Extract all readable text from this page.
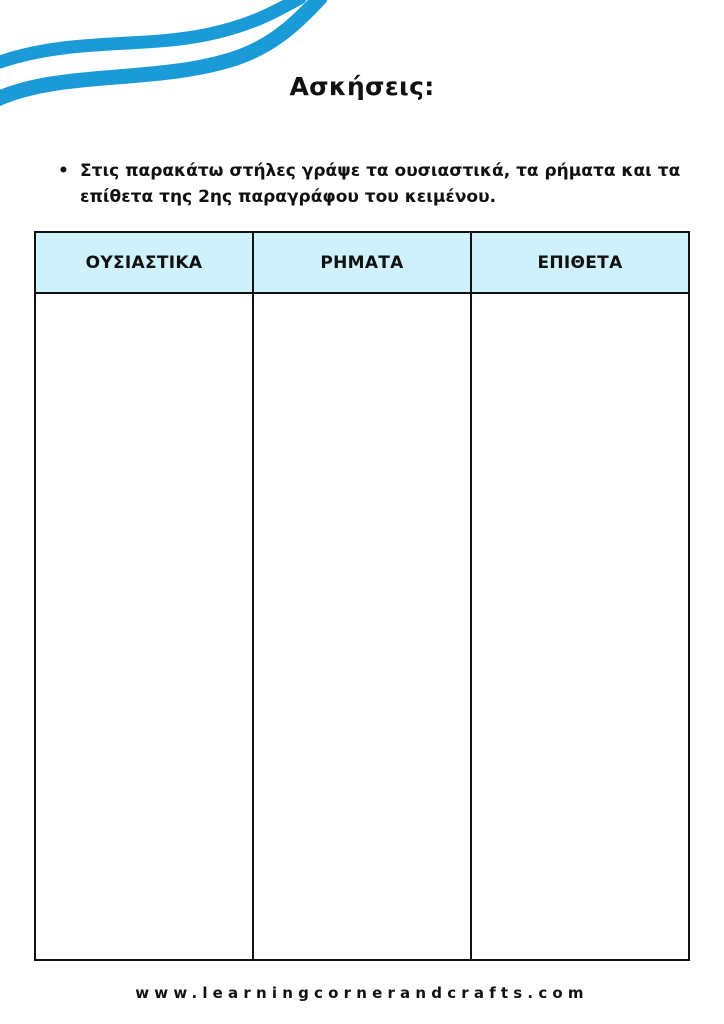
Ασκήσεις:
• Στις παρακάτω στήλες γράψε τα ουσιαστικά, τα ρήματα και τα επίθετα της 2ης παραγράφου του κειμένου.
ΟΥΣΙΑΣΤΙΚΑ	ΡΗΜΑΤΑ	ΕΠΙΘΕΤΑ
www.learningcornerandcrafts.com
